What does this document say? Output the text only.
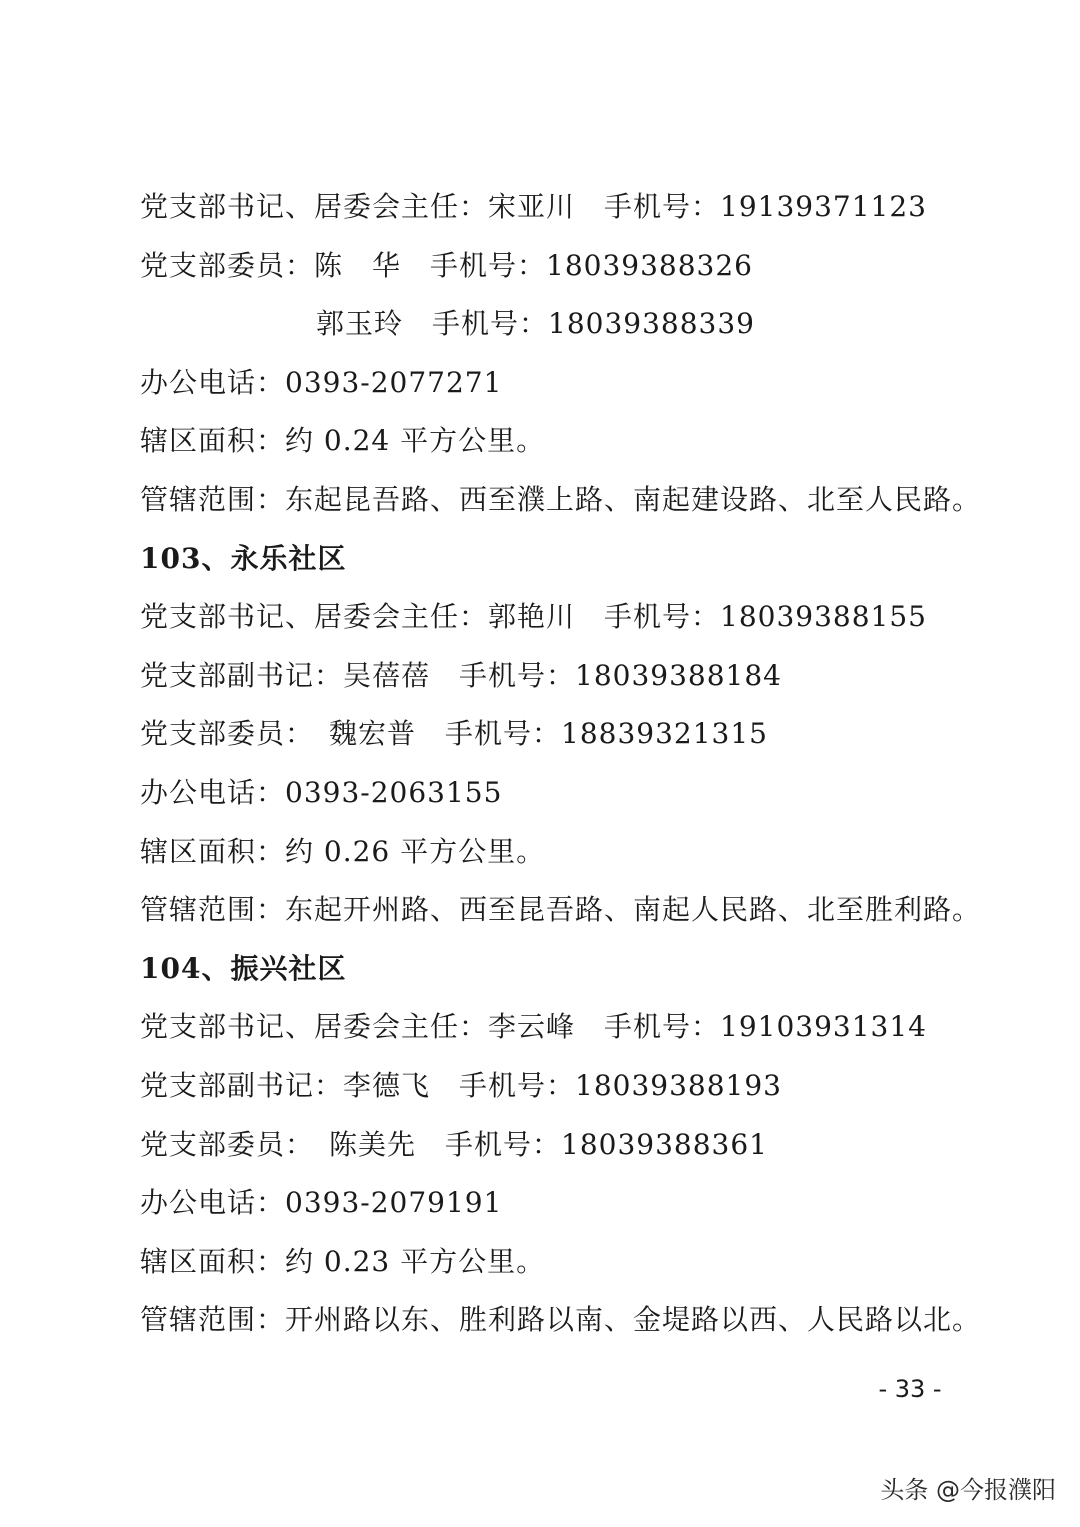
党支部书记、居委会主任：宋亚川　手机号：19139371123
党支部委员：陈　华　手机号：18039388326
郭玉玲　手机号：18039388339
办公电话：0393-2077271
辖区面积：约 0.24 平方公里。
管辖范围：东起昆吾路、西至濮上路、南起建设路、北至人民路。
103、永乐社区
党支部书记、居委会主任：郭艳川　手机号：18039388155
党支部副书记：吴蓓蓓　手机号：18039388184
党支部委员：　魏宏普　手机号：18839321315
办公电话：0393-2063155
辖区面积：约 0.26 平方公里。
管辖范围：东起开州路、西至昆吾路、南起人民路、北至胜利路。
104、振兴社区
党支部书记、居委会主任：李云峰　手机号：19103931314
党支部副书记：李德飞　手机号：18039388193
党支部委员：　陈美先　手机号：18039388361
办公电话：0393-2079191
辖区面积：约 0.23 平方公里。
管辖范围：开州路以东、胜利路以南、金堤路以西、人民路以北。
- 33 -
头条 @今报濮阳
